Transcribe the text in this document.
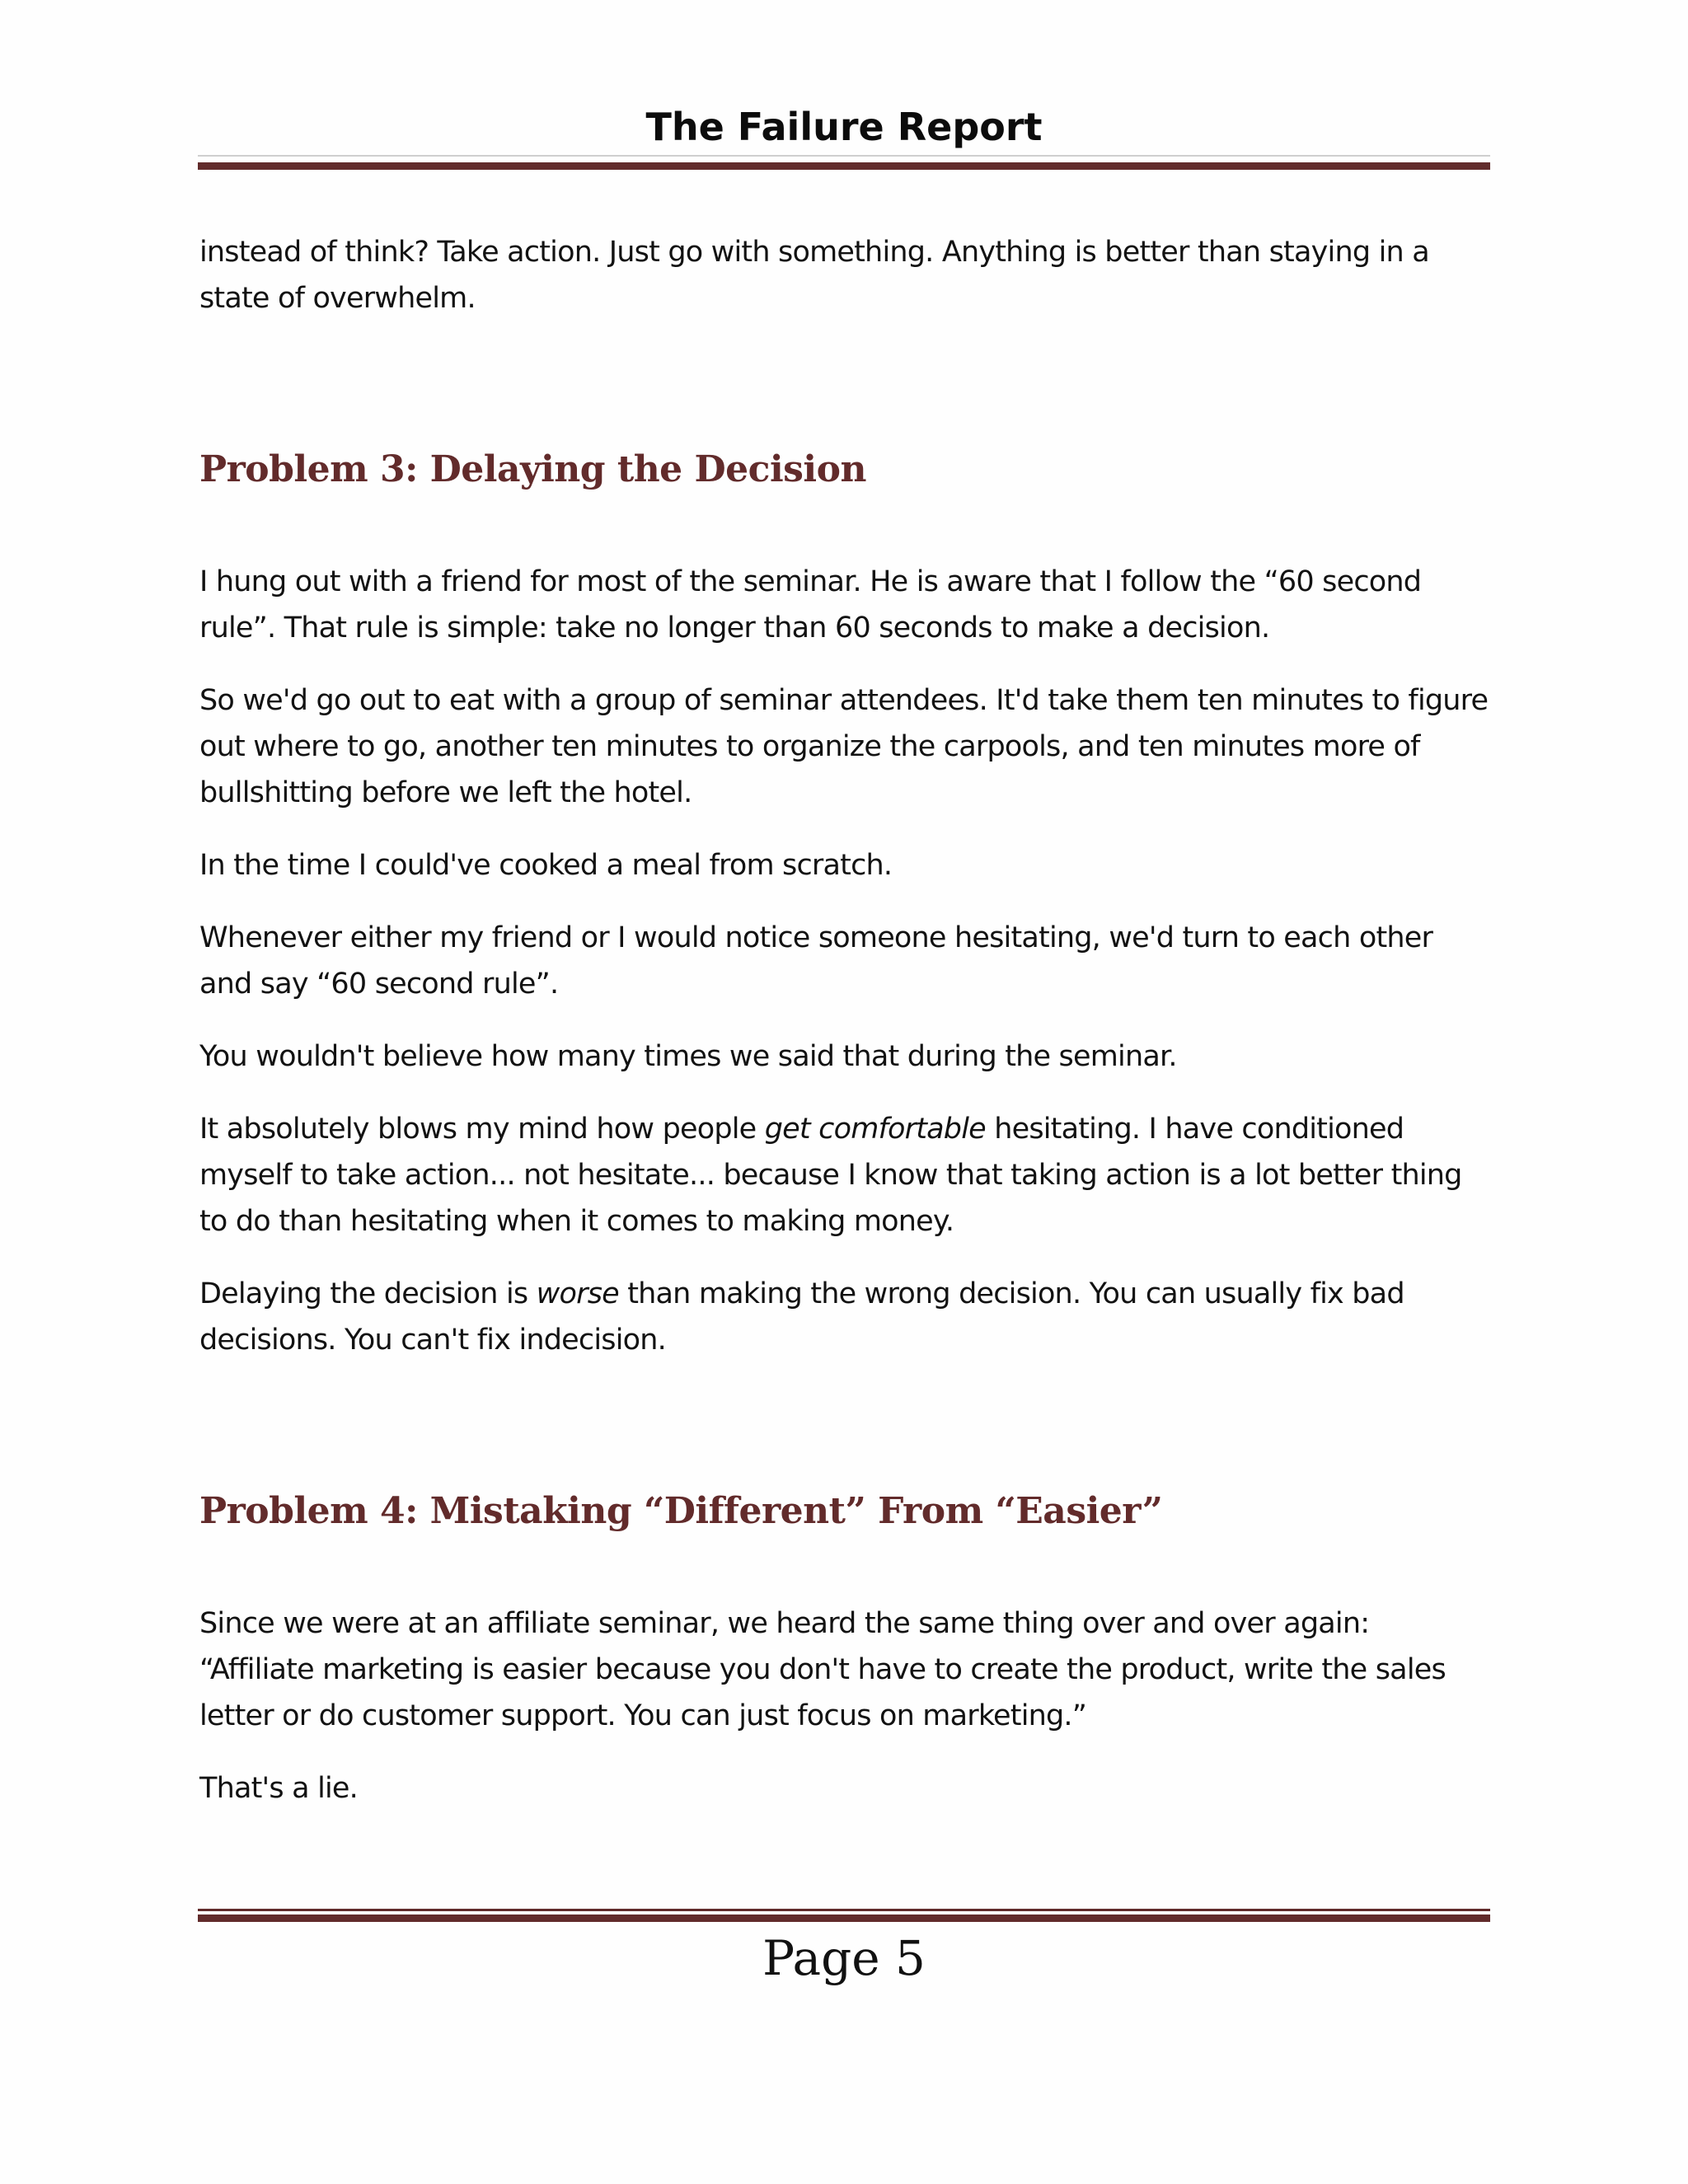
The Failure Report

instead of think? Take action. Just go with something. Anything is better than staying in a state of overwhelm.

Problem 3: Delaying the Decision

I hung out with a friend for most of the seminar. He is aware that I follow the “60 second rule”. That rule is simple: take no longer than 60 seconds to make a decision.

So we'd go out to eat with a group of seminar attendees. It'd take them ten minutes to figure out where to go, another ten minutes to organize the carpools, and ten minutes more of bullshitting before we left the hotel.

In the time I could've cooked a meal from scratch.

Whenever either my friend or I would notice someone hesitating, we'd turn to each other and say “60 second rule”.

You wouldn't believe how many times we said that during the seminar.

It absolutely blows my mind how people get comfortable hesitating. I have conditioned myself to take action... not hesitate... because I know that taking action is a lot better thing to do than hesitating when it comes to making money.

Delaying the decision is worse than making the wrong decision. You can usually fix bad decisions. You can't fix indecision.

Problem 4: Mistaking “Different” From “Easier”

Since we were at an affiliate seminar, we heard the same thing over and over again: “Affiliate marketing is easier because you don't have to create the product, write the sales letter or do customer support. You can just focus on marketing.”

That's a lie.

Page 5
